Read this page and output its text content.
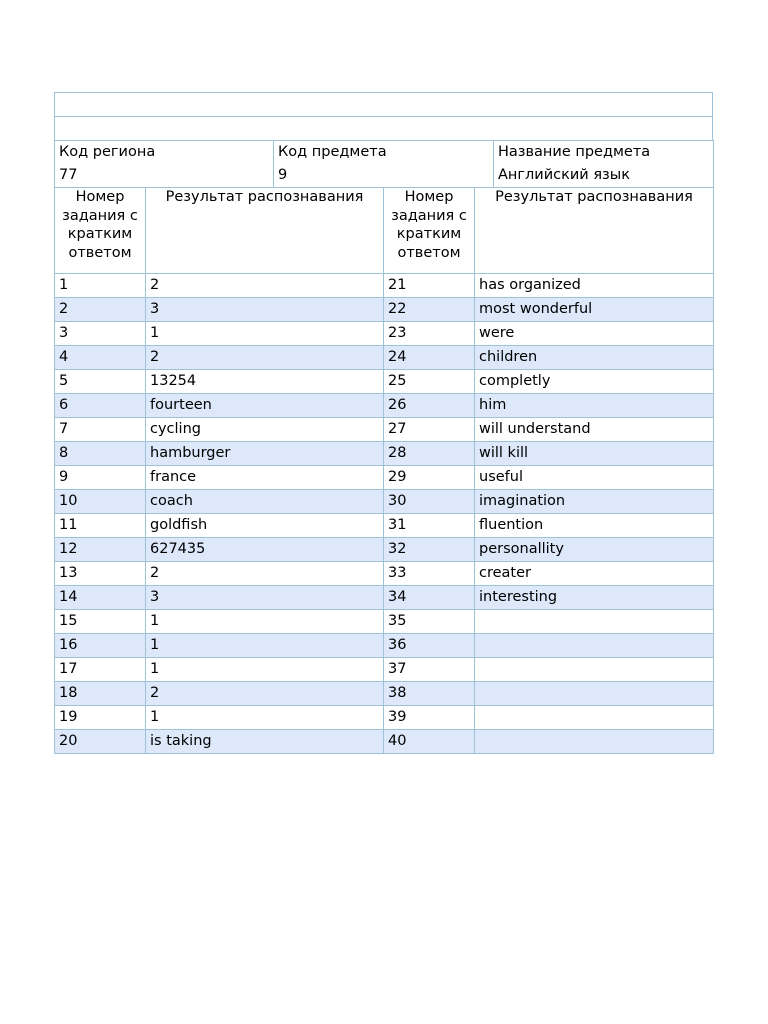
Код региона
77

Код предмета
9

Название предмета
Английский язык
Номер задания с кратким ответом	Результат распознавания	Номер задания с кратким ответом	Результат распознавания
1	2	21	has organized
2	3	22	most wonderful
3	1	23	were
4	2	24	children
5	13254	25	completly
6	fourteen	26	him
7	cycling	27	will understand
8	hamburger	28	will kill
9	france	29	useful
10	coach	30	imagination
11	goldfish	31	fluention
12	627435	32	personallity
13	2	33	creater
14	3	34	interesting
15	1	35	
16	1	36	
17	1	37	
18	2	38	
19	1	39	
20	is taking	40	
